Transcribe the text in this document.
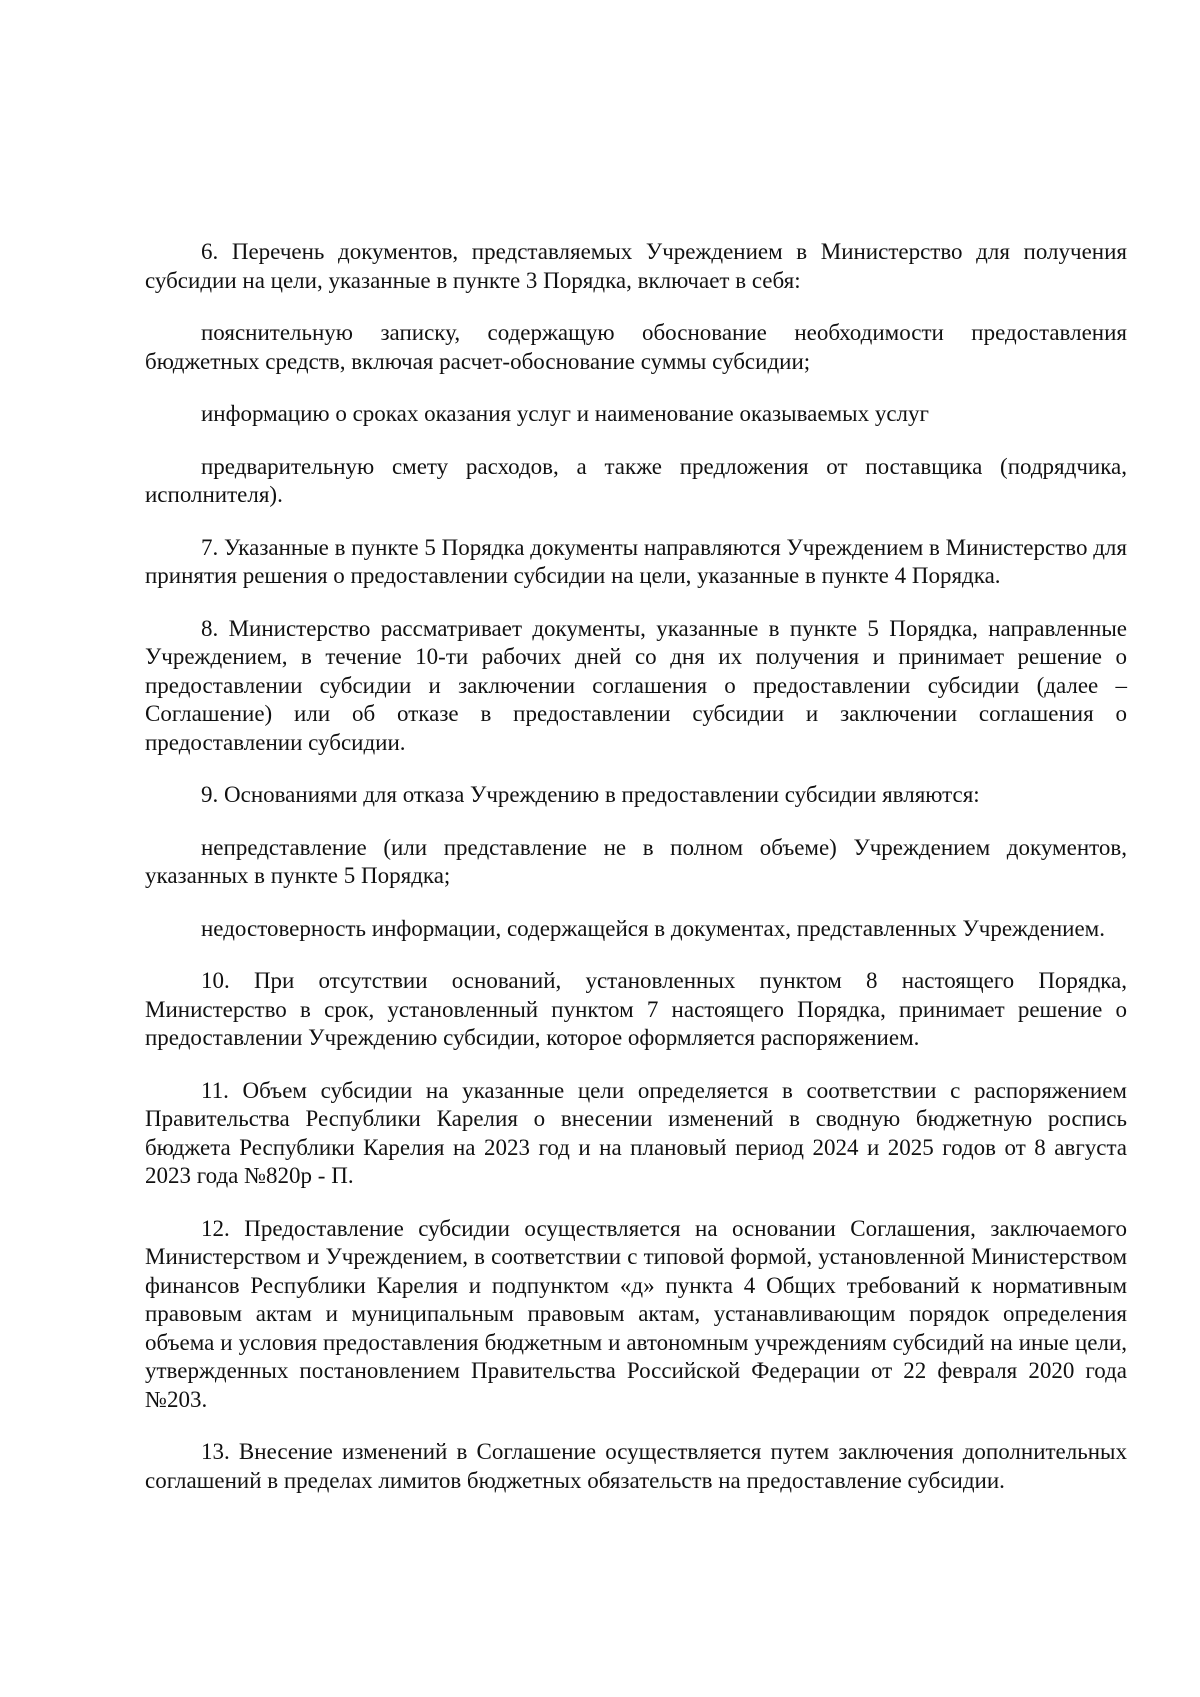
6. Перечень документов, представляемых Учреждением в Министерство для получения субсидии на цели, указанные в пункте 3 Порядка, включает в себя:

пояснительную записку, содержащую обоснование необходимости предоставления бюджетных средств, включая расчет-обоснование суммы субсидии;

информацию о сроках оказания услуг и наименование оказываемых услуг

предварительную смету расходов, а также предложения от поставщика (подрядчика, исполнителя).

7. Указанные в пункте 5 Порядка документы направляются Учреждением в Министерство для принятия решения о предоставлении субсидии на цели, указанные в пункте 4 Порядка.

8. Министерство рассматривает документы, указанные в пункте 5 Порядка, направленные Учреждением, в течение 10-ти рабочих дней со дня их получения и принимает решение о предоставлении субсидии и заключении соглашения о предоставлении субсидии (далее – Соглашение) или об отказе в предоставлении субсидии и заключении соглашения о предоставлении субсидии.

9. Основаниями для отказа Учреждению в предоставлении субсидии являются:

непредставление (или представление не в полном объеме) Учреждением документов, указанных в пункте 5 Порядка;

недостоверность информации, содержащейся в документах, представленных Учреждением.

10. При отсутствии оснований, установленных пунктом 8 настоящего Порядка, Министерство в срок, установленный пунктом 7 настоящего Порядка, принимает решение о предоставлении Учреждению субсидии, которое оформляется распоряжением.

11. Объем субсидии на указанные цели определяется в соответствии с распоряжением Правительства Республики Карелия о внесении изменений в сводную бюджетную роспись бюджета Республики Карелия на 2023 год и на плановый период 2024 и 2025 годов от 8 августа 2023 года №820р - П.

12. Предоставление субсидии осуществляется на основании Соглашения, заключаемого Министерством и Учреждением, в соответствии с типовой формой, установленной Министерством финансов Республики Карелия и подпунктом «д» пункта 4 Общих требований к нормативным правовым актам и муниципальным правовым актам, устанавливающим порядок определения объема и условия предоставления бюджетным и автономным учреждениям субсидий на иные цели, утвержденных постановлением Правительства Российской Федерации от 22 февраля 2020 года №203.

13. Внесение изменений в Соглашение осуществляется путем заключения дополнительных соглашений в пределах лимитов бюджетных обязательств на предоставление субсидии.
